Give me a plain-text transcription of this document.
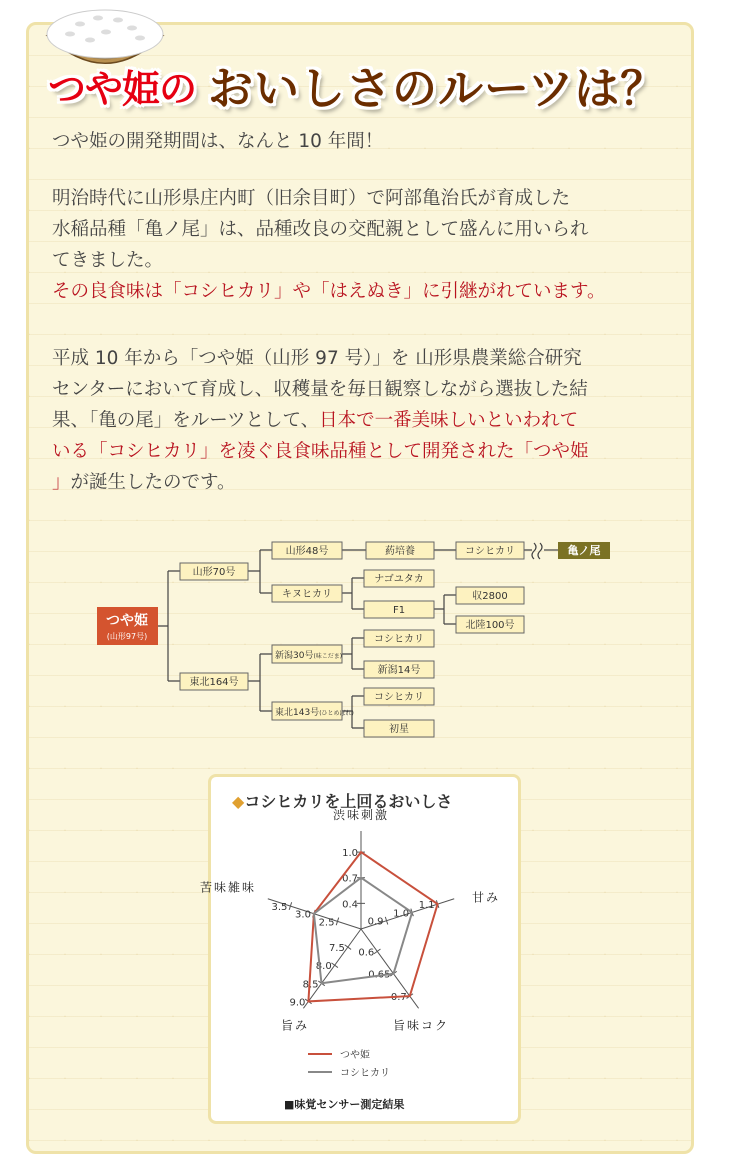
つや姫の おいしさのルーツは？
つや姫の開発期間は、なんと 10 年間！
明治時代に山形県庄内町（旧余目町）で阿部亀治氏が育成した
水稲品種「亀ノ尾」は、品種改良の交配親として盛んに用いられ
てきました。
その良食味は「コシヒカリ」や「はえぬき」に引継がれています。
平成 10 年から「つや姫（山形 97 号）」を 山形県農業総合研究
センターにおいて育成し、収穫量を毎日観察しながら選抜した結
果、「亀の尾」をルーツとして、日本で一番美味しいといわれて
いる「コシヒカリ」を凌ぐ良食味品種として開発された「つや姫
」が誕生したのです。
つや姫
(山形97号)
山形70号
東北164号
山形48号
キヌヒカリ
葯培養	コシヒカリ	亀ノ尾
ナゴユタカ
F1
収2800
北陸100号
コシヒカリ
新潟14号
コシヒカリ
初星
新潟30号(味こだま)
東北143号(ひとめぼれ)
◆コシヒカリを上回るおいしさ
渋味刺激
0.4
0.7
1.0
甘み
0.9
1.0
1.1
旨味コク
0.6
0.65
0.7
旨み
7.5
8.0
8.5
9.0
苦味雑味
2.5
3.0
3.5
つや姫
コシヒカリ
■味覚センサー測定結果
